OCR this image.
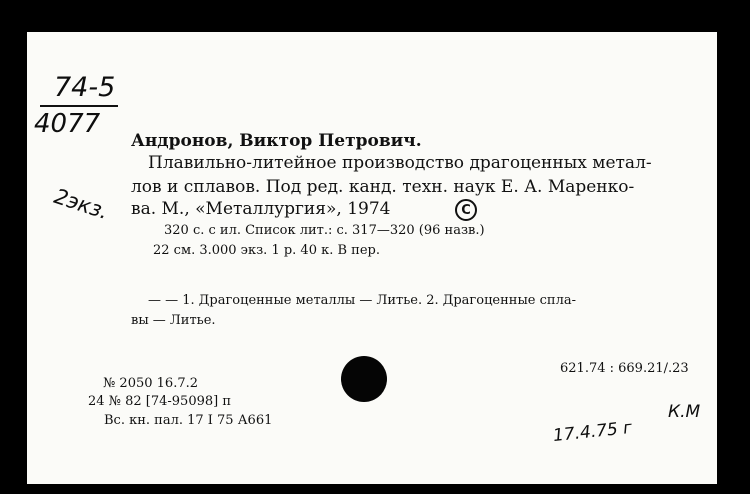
74-5

4077

2экз.

Андронов, Виктор Петрович.

Плавильно-литейное производство драгоценных метал-

лов и сплавов. Под ред. канд. техн. наук Е. А. Маренко-

ва. М., «Металлургия», 1974	C

320 с. с ил. Список лит.: с. 317—320 (96 назв.)

22 см. 3.000 экз. 1 р. 40 к. В пер.

— — 1. Драгоценные металлы — Литье. 2. Драгоценные спла-

вы — Литье.

621.74 : 669.21/.23

№ 2050 16.7.2

24 № 82 [74-95098] п

Вс. кн. пал. 17 I 75 А661	17.4.75 г

К.М
